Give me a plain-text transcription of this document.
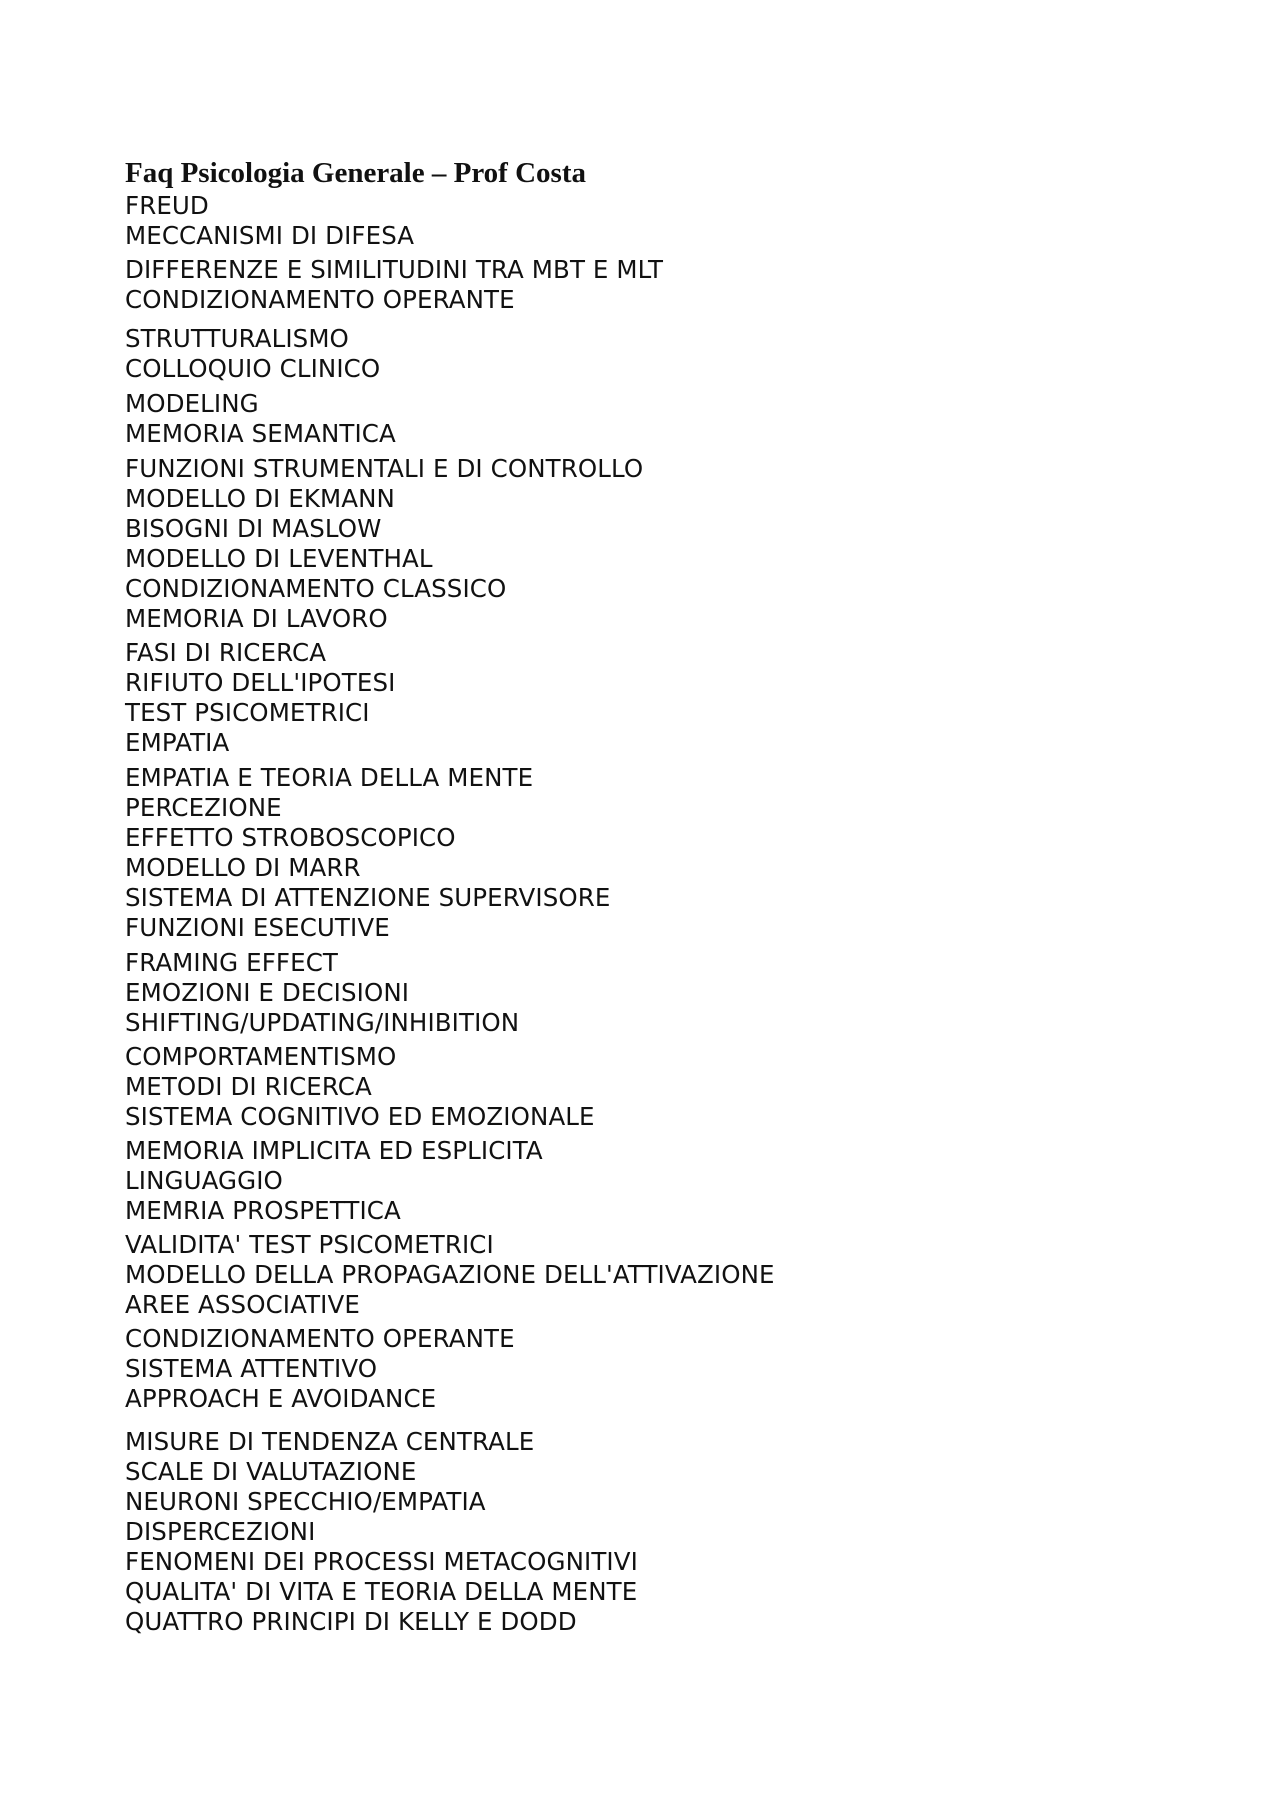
Faq Psicologia Generale – Prof Costa
FREUD
MECCANISMI DI DIFESA
DIFFERENZE E SIMILITUDINI TRA MBT E MLT
CONDIZIONAMENTO OPERANTE
STRUTTURALISMO
COLLOQUIO CLINICO
MODELING
MEMORIA SEMANTICA
FUNZIONI STRUMENTALI E DI CONTROLLO
MODELLO DI EKMANN
BISOGNI DI MASLOW
MODELLO DI LEVENTHAL
CONDIZIONAMENTO CLASSICO
MEMORIA DI LAVORO
FASI DI RICERCA
RIFIUTO DELL'IPOTESI
TEST PSICOMETRICI
EMPATIA
EMPATIA E TEORIA DELLA MENTE
PERCEZIONE
EFFETTO STROBOSCOPICO
MODELLO DI MARR
SISTEMA DI ATTENZIONE SUPERVISORE
FUNZIONI ESECUTIVE
FRAMING EFFECT
EMOZIONI E DECISIONI
SHIFTING/UPDATING/INHIBITION
COMPORTAMENTISMO
METODI DI RICERCA
SISTEMA COGNITIVO ED EMOZIONALE
MEMORIA IMPLICITA ED ESPLICITA
LINGUAGGIO
MEMRIA PROSPETTICA
VALIDITA' TEST PSICOMETRICI
MODELLO DELLA PROPAGAZIONE DELL'ATTIVAZIONE
AREE ASSOCIATIVE
CONDIZIONAMENTO OPERANTE
SISTEMA ATTENTIVO
APPROACH E AVOIDANCE
MISURE DI TENDENZA CENTRALE
SCALE DI VALUTAZIONE
NEURONI SPECCHIO/EMPATIA
DISPERCEZIONI
FENOMENI DEI PROCESSI METACOGNITIVI
QUALITA' DI VITA E TEORIA DELLA MENTE
QUATTRO PRINCIPI DI KELLY E DODD
